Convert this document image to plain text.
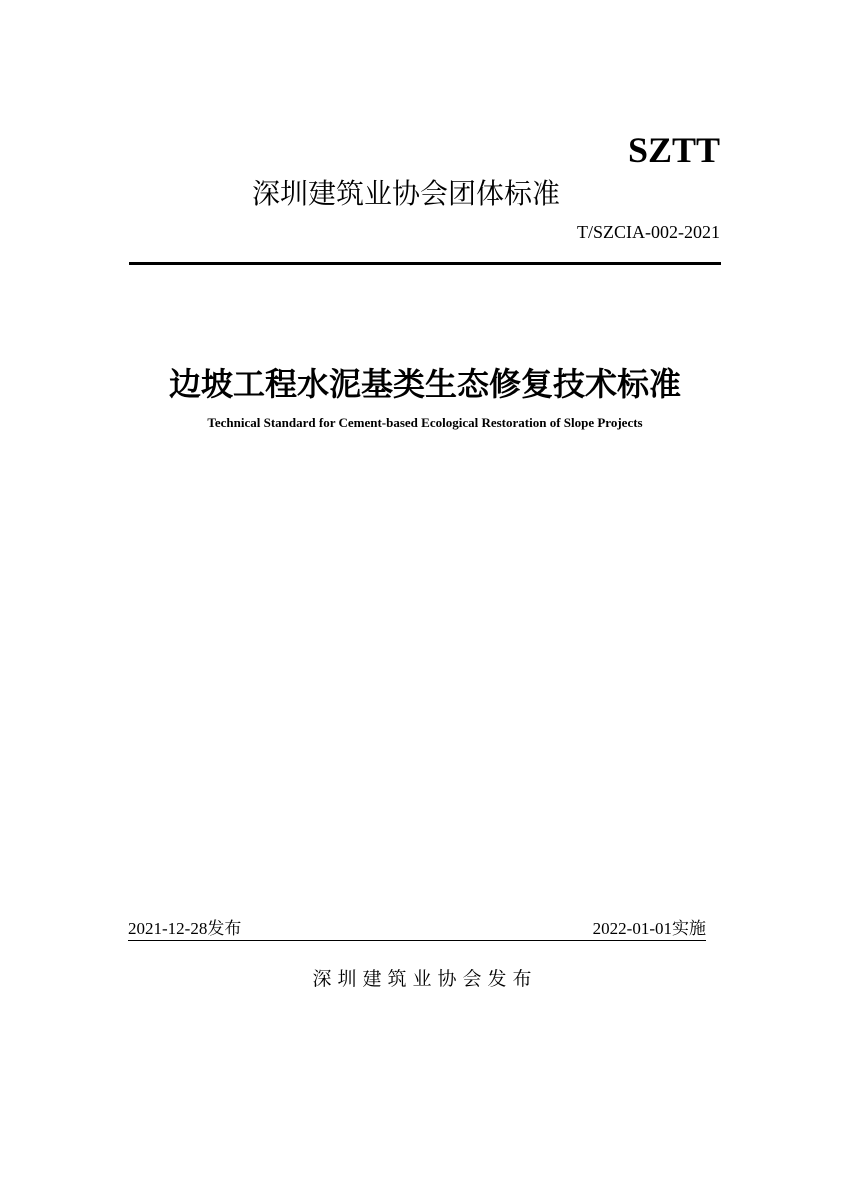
SZTT
深圳建筑业协会团体标准
T/SZCIA-002-2021
边坡工程水泥基类生态修复技术标准
Technical Standard for Cement-based Ecological Restoration of Slope Projects
2021-12-28发布	2022-01-01实施
深圳建筑业协会发布
